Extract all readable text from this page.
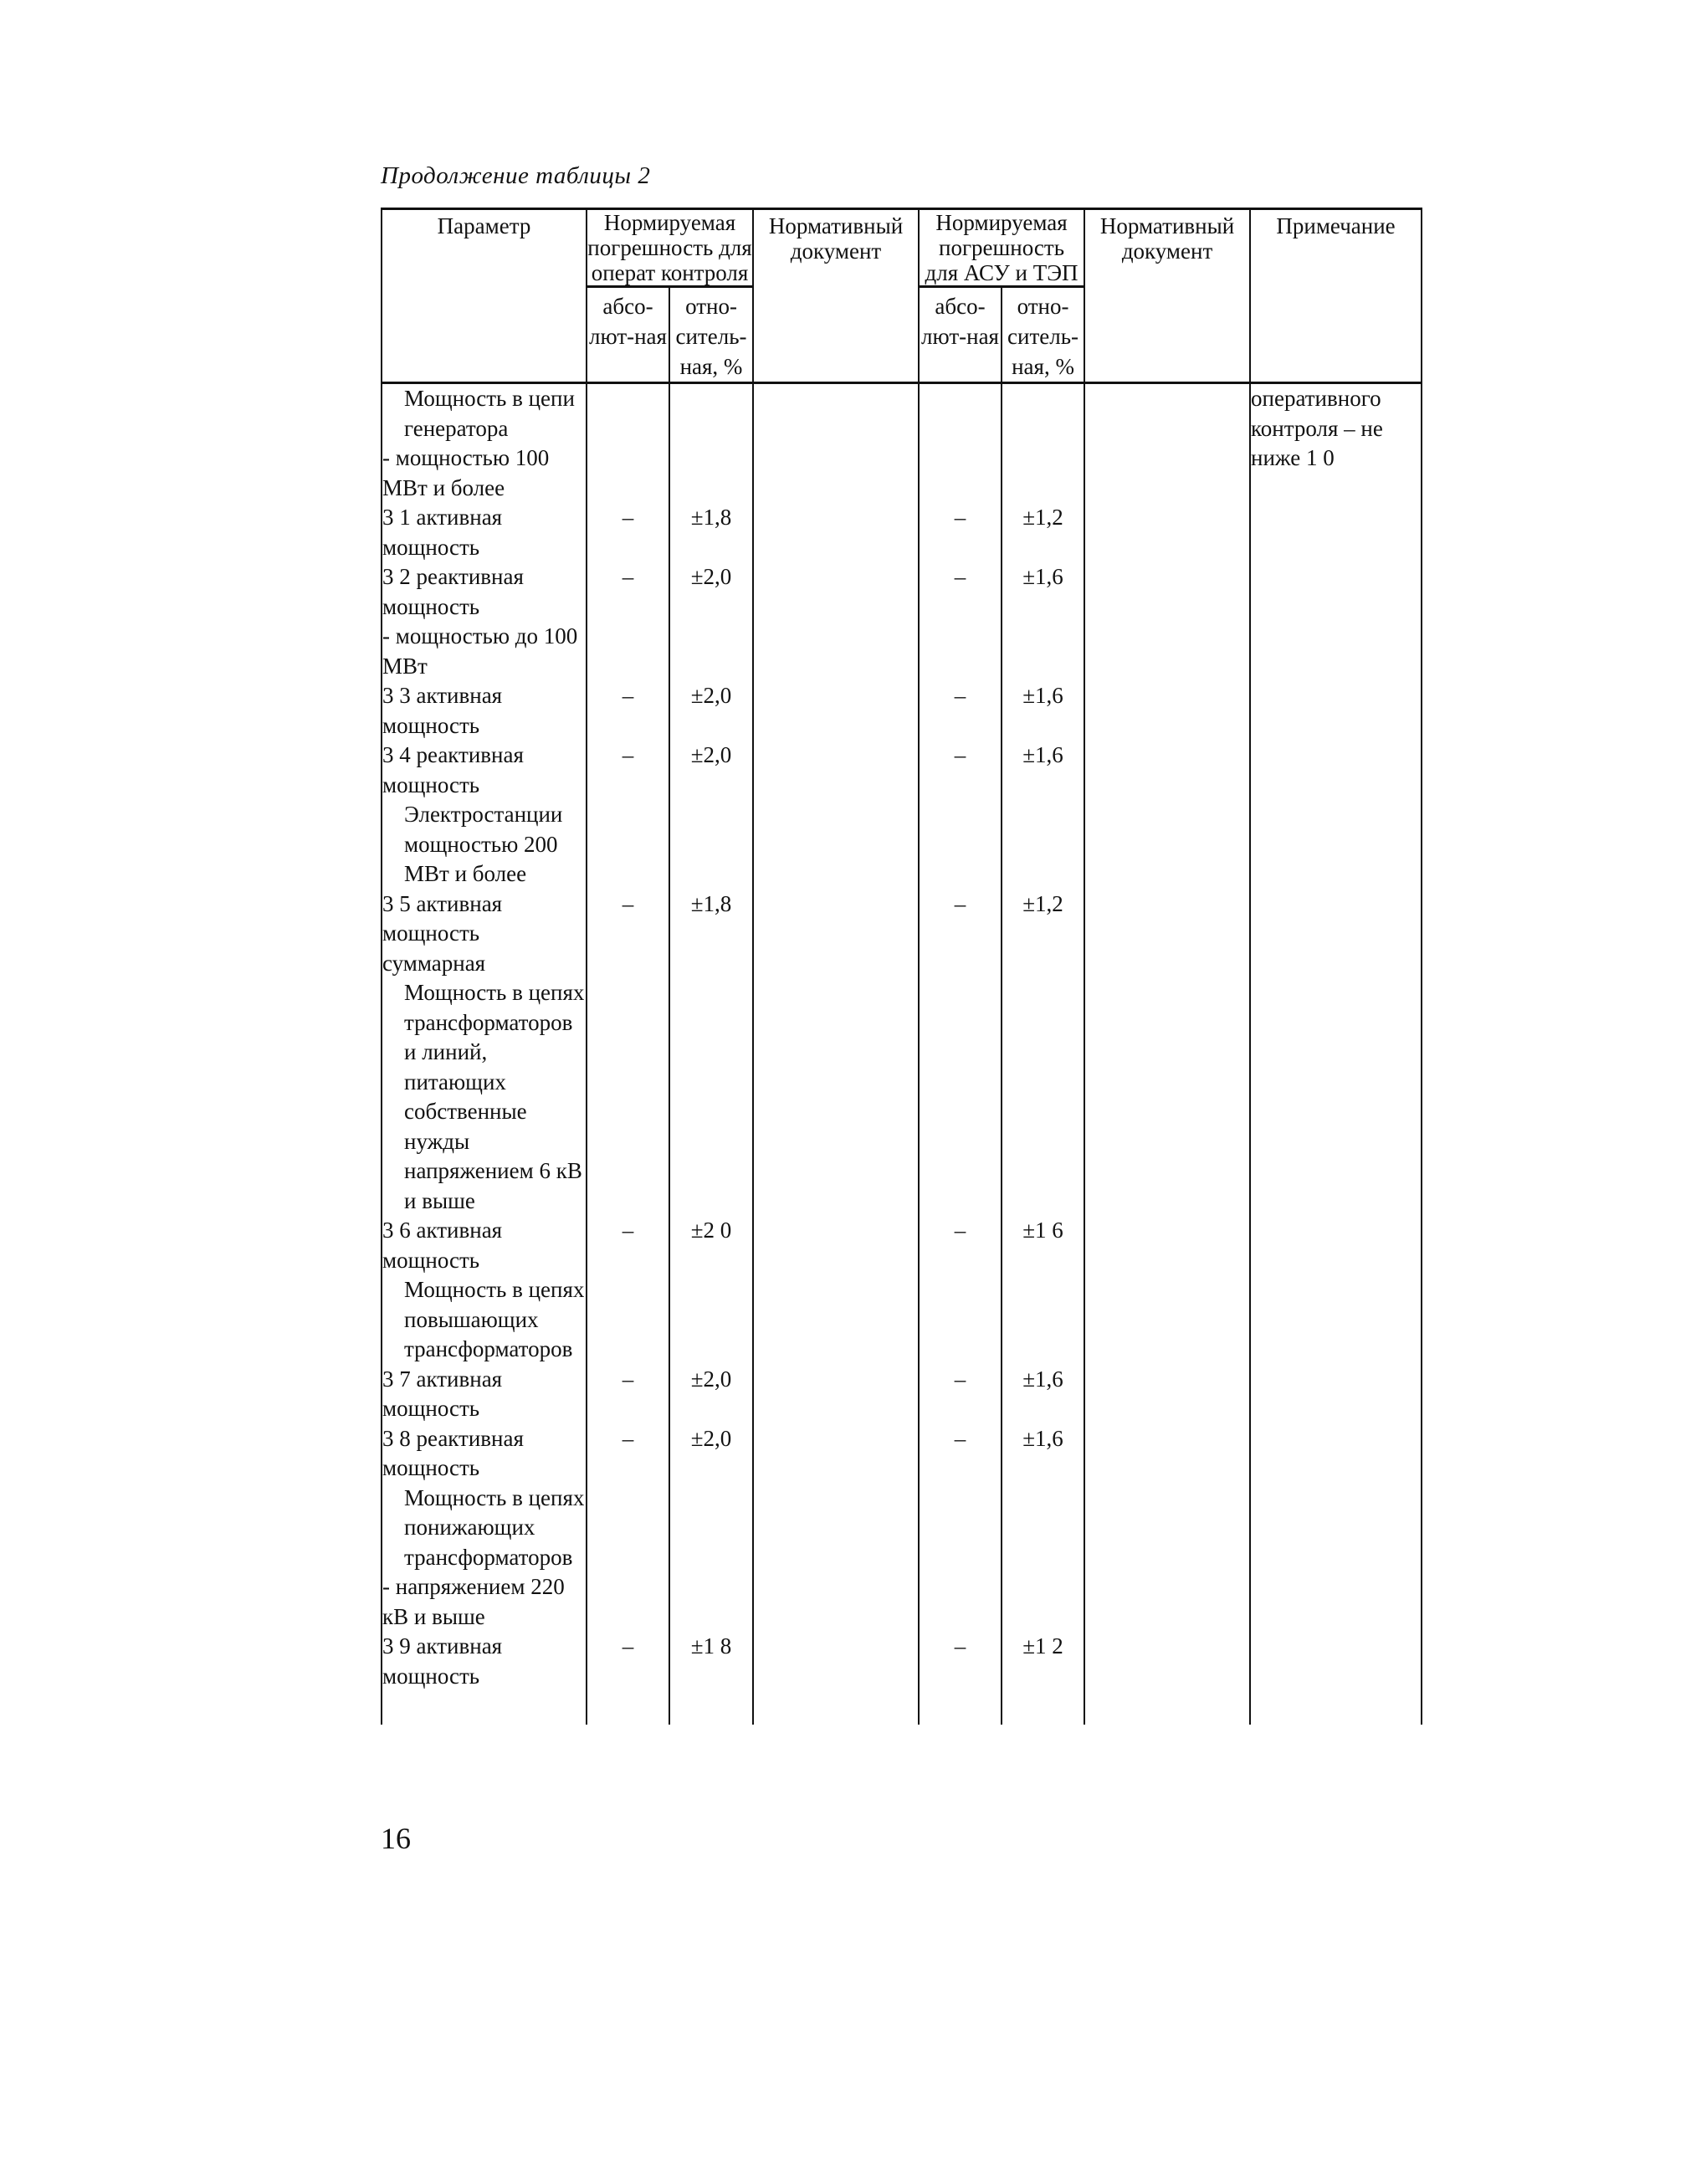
Продолжение таблицы 2
Параметр	Нормируемая погрешность для операт контроля		Нормативный документ	Нормируемая погрешность для АСУ и ТЭП		Нормативный документ	Примечание
	абсо-лют-ная	отно-ситель-ная, %		абсо-лют-ная	отно-ситель-ная, %		

Мощность в цепи генератора
- мощностью 100 МВт и более							оперативного контроля – не ниже 1 0
3 1 активная мощность	–	±1,8		–	±1,2		
3 2 реактивная мощность	–	±2,0		–	±1,6		

- мощностью до 100 МВт							

3 3 активная мощность	–	±2,0		–	±1,6		
3 4 реактивная мощность	–	±2,0		–	±1,6		

Электростанции мощностью 200 МВт и более							

3 5 активная мощность суммарная	–	±1,8		–	±1,2		

Мощность в цепях трансформаторов и линий, питающих собственные нужды напряжением 6 кВ и выше							

3 6 активная мощность	–	±2 0		–	±1 6		

Мощность в цепях повышающих трансформаторов							

3 7 активная мощность	–	±2,0		–	±1,6		
3 8 реактивная мощность	–	±2,0		–	±1,6		

Мощность в цепях понижающих трансформаторов
- напряжением 220 кВ и выше							

3 9 активная мощность	–	±1 8		–	±1 2		

16
